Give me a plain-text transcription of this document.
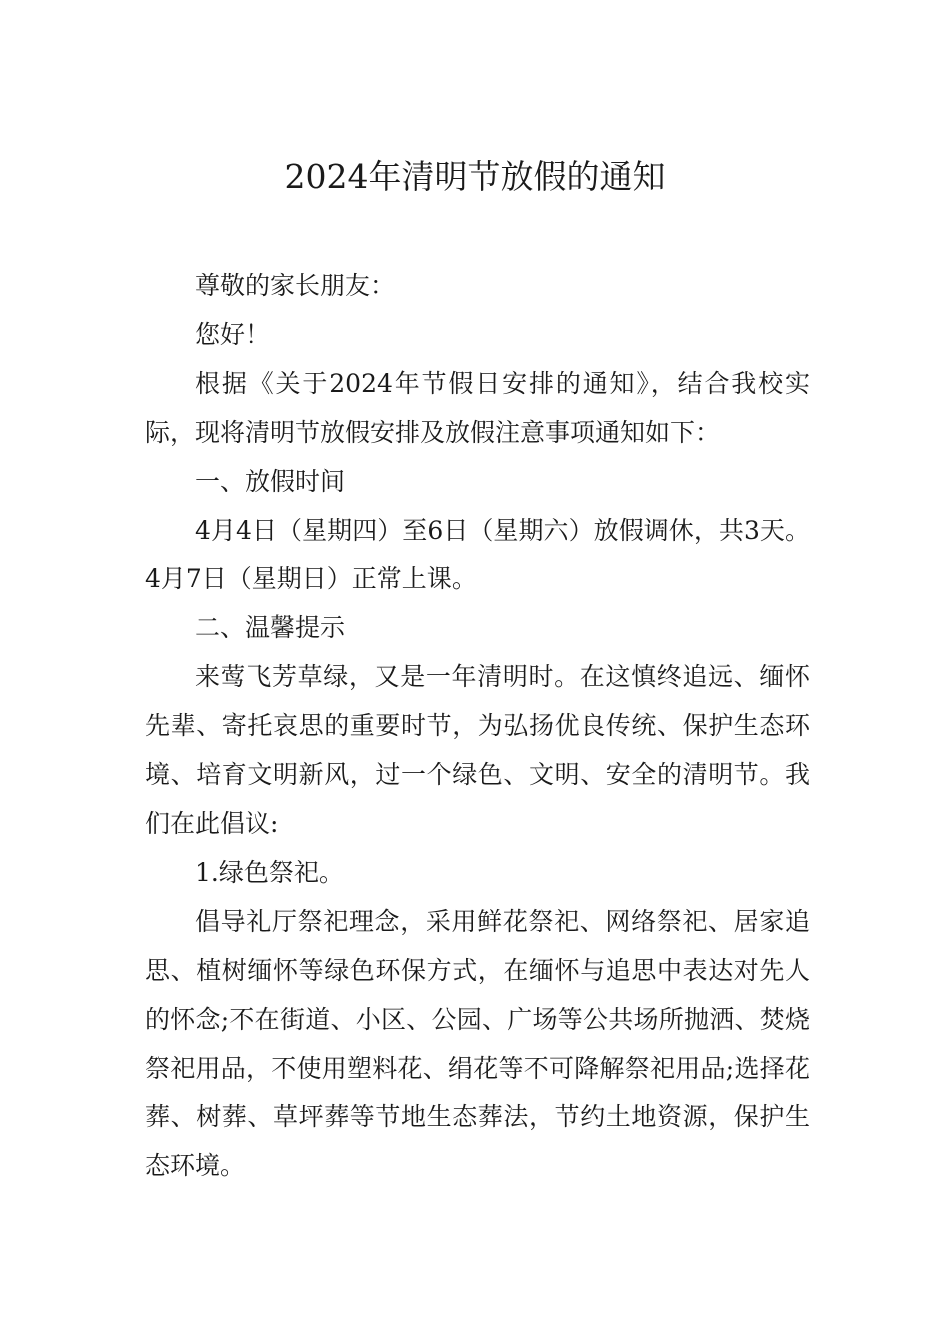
2024年清明节放假的通知

尊敬的家长朋友：

您好！

根据《关于2024年节假日安排的通知》，结合我校实际，现将清明节放假安排及放假注意事项通知如下：

一、放假时间

4月4日（星期四）至6日（星期六）放假调休，共3天。4月7日（星期日）正常上课。

二、温馨提示

来莺飞芳草绿，又是一年清明时。在这慎终追远、缅怀先辈、寄托哀思的重要时节，为弘扬优良传统、保护生态环境、培育文明新风，过一个绿色、文明、安全的清明节。我们在此倡议:

1.绿色祭祀。

倡导礼厅祭祀理念，采用鲜花祭祀、网络祭祀、居家追思、植树缅怀等绿色环保方式，在缅怀与追思中表达对先人的怀念;不在街道、小区、公园、广场等公共场所抛洒、焚烧祭祀用品，不使用塑料花、绢花等不可降解祭祀用品;选择花葬、树葬、草坪葬等节地生态葬法，节约土地资源，保护生态环境。
